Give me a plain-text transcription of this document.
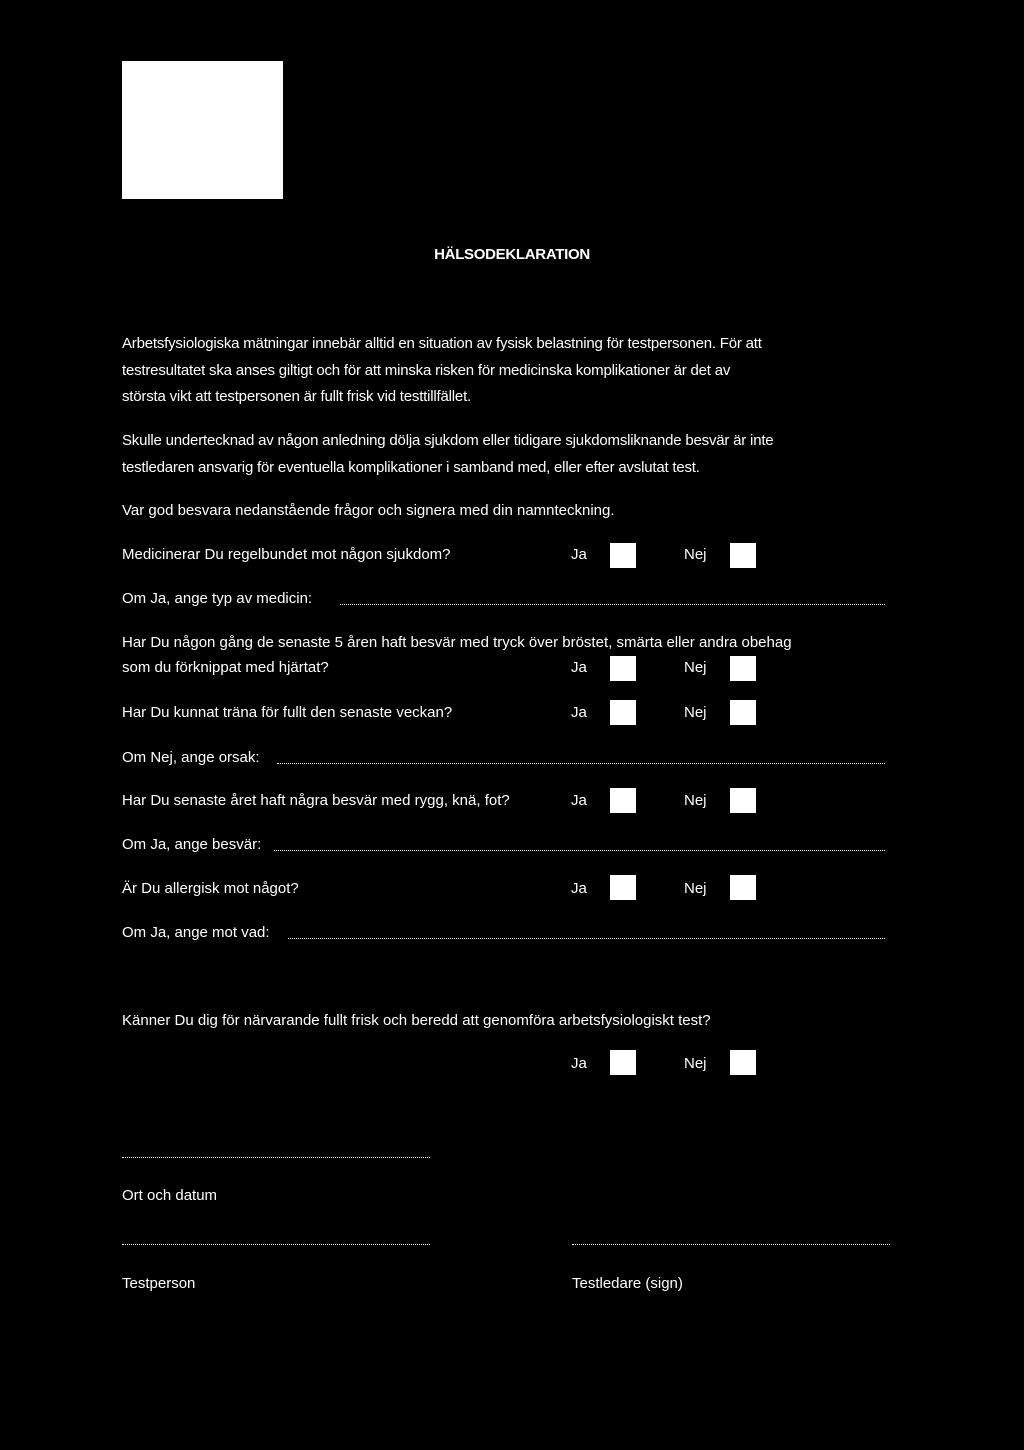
HÄLSODEKLARATION
Arbetsfysiologiska mätningar innebär alltid en situation av fysisk belastning för testpersonen. För att
testresultatet ska anses giltigt och för att minska risken för medicinska komplikationer är det av
största vikt att testpersonen är fullt frisk vid testtillfället.
Skulle undertecknad av någon anledning dölja sjukdom eller tidigare sjukdomsliknande besvär är inte
testledaren ansvarig för eventuella komplikationer i samband med, eller efter avslutat test.
Var god besvara nedanstående frågor och signera med din namnteckning.
Medicinerar Du regelbundet mot någon sjukdom?	Ja	Nej
Om Ja, ange typ av medicin:
Har Du någon gång de senaste 5 åren haft besvär med tryck över bröstet, smärta eller andra obehag
som du förknippat med hjärtat?	Ja	Nej
Har Du kunnat träna för fullt den senaste veckan?	Ja	Nej
Om Nej, ange orsak:
Har Du senaste året haft några besvär med rygg, knä, fot?	Ja	Nej
Om Ja, ange besvär:
Är Du allergisk mot något?	Ja	Nej
Om Ja, ange mot vad:
Känner Du dig för närvarande fullt frisk och beredd att genomföra arbetsfysiologiskt test?
Ja	Nej
Ort och datum
Testperson	Testledare (sign)
